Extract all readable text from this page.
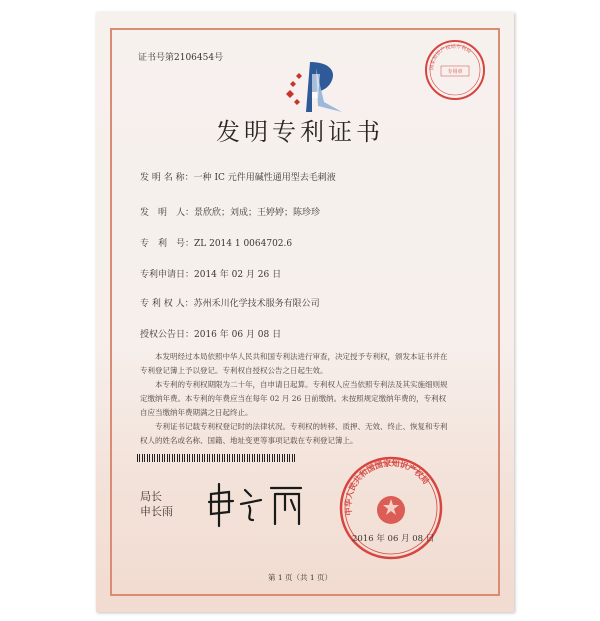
证书号第2106454号
国家知识产权局专利局
专用章
发明专利证书
发 明 名 称：一种 IC 元件用碱性通用型去毛刺液
发　明　人：景欣欣；刘成；王婷婷；陈珍珍
专　利　号：ZL 2014 1 0064702.6
专利申请日：2014 年 02 月 26 日
专 利 权 人：苏州禾川化学技术服务有限公司
授权公告日：2016 年 06 月 08 日

本发明经过本局依照中华人民共和国专利法进行审查，决定授予专利权，颁发本证书并在专利登记簿上予以登记。专利权自授权公告之日起生效。

本专利的专利权期限为二十年，自申请日起算。专利权人应当依照专利法及其实施细则规定缴纳年费。本专利的年费应当在每年 02 月 26 日前缴纳。未按照规定缴纳年费的，专利权自应当缴纳年费期满之日起终止。

专利证书记载专利权登记时的法律状况。专利权的转移、质押、无效、终止、恢复和专利权人的姓名或名称、国籍、地址变更等事项记载在专利登记簿上。

局长
申长雨	中华人民共和国国家知识产权局
2016 年 06 月 08 日
第 1 页（共 1 页）
